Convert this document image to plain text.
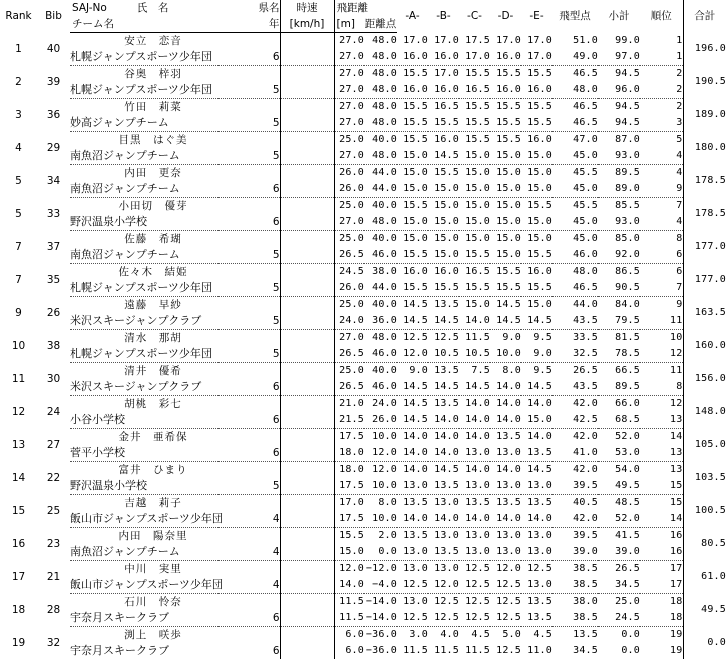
Rank	Bib	SAJ-No 氏　名	県名	時速	飛距離		-A-	-B-	-C-	-D-	-E-	飛型点	小計	順位	合計
		チーム名	年	[km/h]	[m]	距離点									
1	40	安立　恋音			27.0	48.0	17.0	17.0	17.5	17.0	17.0	51.0	99.0	1	196.0
		札幌ジャンプスポーツ少年団	6		27.0	48.0	16.0	16.0	17.0	16.0	17.0	49.0	97.0	1	
2	39	谷奥　梓羽			27.0	48.0	15.5	17.0	15.5	15.5	15.5	46.5	94.5	2	190.5
		札幌ジャンプスポーツ少年団	5		27.0	48.0	16.0	16.0	16.5	16.0	16.0	48.0	96.0	2	
3	36	竹田　莉菜			27.0	48.0	15.5	16.5	15.5	15.5	15.5	46.5	94.5	2	189.0
		妙高ジャンプチーム	5		27.0	48.0	15.5	15.5	15.5	15.5	15.5	46.5	94.5	3	
4	29	目黒　はぐ美			25.0	40.0	15.5	16.0	15.5	15.5	16.0	47.0	87.0	5	180.0
		南魚沼ジャンプチーム	5		27.0	48.0	15.0	14.5	15.0	15.0	15.0	45.0	93.0	4	
5	34	内田　更奈			26.0	44.0	15.0	15.5	15.0	15.0	15.0	45.5	89.5	4	178.5
		南魚沼ジャンプチーム	6		26.0	44.0	15.0	15.0	15.0	15.0	15.0	45.0	89.0	9	
5	33	小田切　優芽			25.0	40.0	15.5	15.0	15.0	15.0	15.5	45.5	85.5	7	178.5
		野沢温泉小学校	6		27.0	48.0	15.0	15.0	15.0	15.0	15.0	45.0	93.0	4	
7	37	佐藤　希瑚			25.0	40.0	15.0	15.0	15.0	15.0	15.0	45.0	85.0	8	177.0
		南魚沼ジャンプチーム	5		26.5	46.0	15.5	15.0	15.5	15.0	15.5	46.0	92.0	6	
7	35	佐々木　結姫			24.5	38.0	16.0	16.0	16.5	15.5	16.0	48.0	86.5	6	177.0
		札幌ジャンプスポーツ少年団	5		26.0	44.0	15.5	15.5	15.5	15.5	15.5	46.5	90.5	7	
9	26	遠藤　早紗			25.0	40.0	14.5	13.5	15.0	14.5	15.0	44.0	84.0	9	163.5
		米沢スキージャンプクラブ	5		24.0	36.0	14.5	14.5	14.0	14.5	14.5	43.5	79.5	11	
10	38	清水　那胡			27.0	48.0	12.5	12.5	11.5	9.0	9.5	33.5	81.5	10	160.0
		札幌ジャンプスポーツ少年団	5		26.5	46.0	12.0	10.5	10.5	10.0	9.0	32.5	78.5	12	
11	30	清井　優希			25.0	40.0	9.0	13.5	7.5	8.0	9.5	26.5	66.5	11	156.0
		米沢スキージャンプクラブ	6		26.5	46.0	14.5	14.5	14.5	14.0	14.5	43.5	89.5	8	
12	24	胡桃　彩七			21.0	24.0	14.5	13.5	14.0	14.0	14.0	42.0	66.0	12	148.0
		小谷小学校	6		21.5	26.0	14.5	14.0	14.0	14.0	15.0	42.5	68.5	13	
13	27	金井　亜希保			17.5	10.0	14.0	14.0	14.0	13.5	14.0	42.0	52.0	14	105.0
		菅平小学校	6		18.0	12.0	14.0	14.0	13.0	13.0	13.5	41.0	53.0	13	
14	22	富井　ひまり			18.0	12.0	14.0	14.5	14.0	14.0	14.5	42.0	54.0	13	103.5
		野沢温泉小学校	5		17.5	10.0	13.0	13.5	13.0	13.0	13.0	39.5	49.5	15	
15	25	吉越　莉子			17.0	8.0	13.5	13.0	13.5	13.5	13.5	40.5	48.5	15	100.5
		飯山市ジャンプスポーツ少年団	4		17.5	10.0	14.0	14.0	14.0	14.0	14.0	42.0	52.0	14	
16	23	内田　陽奈里			15.5	2.0	13.5	13.0	13.0	13.0	13.0	39.5	41.5	16	80.5
		南魚沼ジャンプチーム	4		15.0	0.0	13.0	13.5	13.0	13.0	13.0	39.0	39.0	16	
17	21	中川　実里			12.0	−12.0	13.0	13.0	12.5	12.0	12.5	38.5	26.5	17	61.0
		飯山市ジャンプスポーツ少年団	4		14.0	−4.0	12.5	12.0	12.5	12.5	13.0	38.5	34.5	17	
18	28	石川　怜奈			11.5	−14.0	13.0	12.5	12.5	12.5	13.5	38.0	25.0	18	49.5
		宇奈月スキークラブ	6		11.5	−14.0	12.5	12.5	12.5	12.5	13.5	38.5	24.5	18	
19	32	渕上　咲歩			6.0	−36.0	3.0	4.0	4.5	5.0	4.5	13.5	0.0	19	0.0
		宇奈月スキークラブ	6		6.0	−36.0	11.5	11.5	11.5	12.5	11.0	34.5	0.0	19	
